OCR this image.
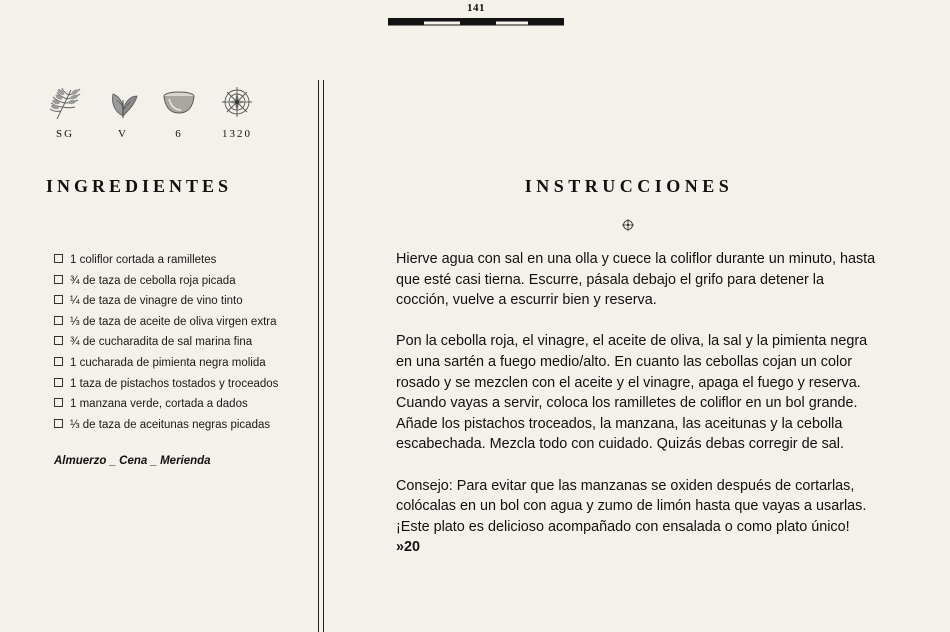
141
SG	V	6	1320
INGREDIENTES
1 coliflor cortada a ramilletes
¾ de taza de cebolla roja picada
¼ de taza de vinagre de vino tinto
⅓ de taza de aceite de oliva virgen extra
¾ de cucharadita de sal marina fina
1 cucharada de pimienta negra molida
1 taza de pistachos tostados y troceados
1 manzana verde, cortada a dados
⅓ de taza de aceitunas negras picadas
Almuerzo _ Cena _ Merienda
INSTRUCCIONES

Hierve agua con sal en una olla y cuece la coliflor durante un minuto, hasta que esté casi tierna. Escurre, pásala debajo el grifo para detener la cocción, vuelve a escurrir bien y reserva.

Pon la cebolla roja, el vinagre, el aceite de oliva, la sal y la pimienta negra en una sartén a fuego medio/alto. En cuanto las cebollas cojan un color rosado y se mezclen con el aceite y el vinagre, apaga el fuego y reserva. Cuando vayas a servir, coloca los ramilletes de coliflor en un bol grande. Añade los pistachos troceados, la manzana, las aceitunas y la cebolla escabechada. Mezcla todo con cuidado. Quizás debas corregir de sal.

Consejo: Para evitar que las manzanas se oxiden después de cortarlas, colócalas en un bol con agua y zumo de limón hasta que vayas a usarlas. ¡Este plato es delicioso acompañado con ensalada o como plato único!

»20
